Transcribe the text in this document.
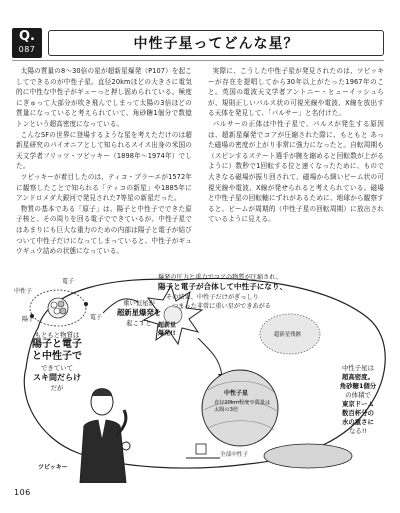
Q.
087	中性子星ってどんな星？

太陽の質量の8〜30倍の星が超新星爆発（P107）を起こしてできるのが中性子星。直径20kmほどの大きさに電気的に中性な中性子がギューっと押し固められている。極度にぎゅって大部分が吹き飛んでしまって太陽の3倍ほどの質量になっていると考えられていて、角砂糖1個分で数億トンという超高密度になっている。

こんなSFの世界に登場するような星を考えただけのは超新星研究のパイオニアとして知られるスイス出身の米国の天文学者フリッツ・ツビッキー（1898年〜1974年）でした。

ツビッキーが着目したのは、ティコ・ブラーエが1572年に観察したことで知られる「ティコの新星」や1885年にアンドロメダ大銀河で発見された7等星の新星だった。

物質の基本である「原子」は、陽子と中性子でできた原子核と、その周りを回る電子でできているが、中性子星ではあまりにも巨大な重力のための内部は陽子と電子が結びついて中性子だけになってしまっていると、中性子がギュウギュウ詰めの状態になっている。

実際に、こうした中性子星が発見されたのは、ツビッキーが存在を提唱してから30年以上がたった1967年のこと。英国の電波天文学者アントニー・ヒューイッシュらが、規則正しいパルス状の可視光線や電波、X線を放出する天体を発見して、「パルサー」と名付けた。

パルサーの正体は中性子星で、パルスが発生する原因は、超新星爆発でコアが圧縮された際に、もともと あった磁場の密度が上がり非常に強力になったと。自転周期も（スピンするステート選手が腕を縮めると回転数が上がるように）数秒で1回転する位と速くなったために、もので大きなる磁場が振り回されて、磁場から細いビーム状の可視光線や電波、X線が発せられると考えられている。磁場と中性子星の回転軸にずれがあるために、地球から観察すると、ビームが周期的（中性子星の回転周期）に放出されているように見える。

電子
中性子
陽子	電子
もともと物質は
陽子と電子
と中性子で
できていて
スキ間だらけ
だが
重い恒星が
超新星爆発を
起こすと
爆発の圧力と重力でコアの物質が圧縮され、
陽子と電子が合体して中性子になり、
その結果、中性子だけがぎっしり
つまった非常に重い星ができあがる
超新星
爆発!!	超新星残骸
中性子星
直径20km程度で質量は太陽の3倍
全部中性子
中性子星は
超高密度。
角砂糖1個分
の体積で
東京ドーム
数百杯分の
水の重さに
なる!!
ツビッキー
106
